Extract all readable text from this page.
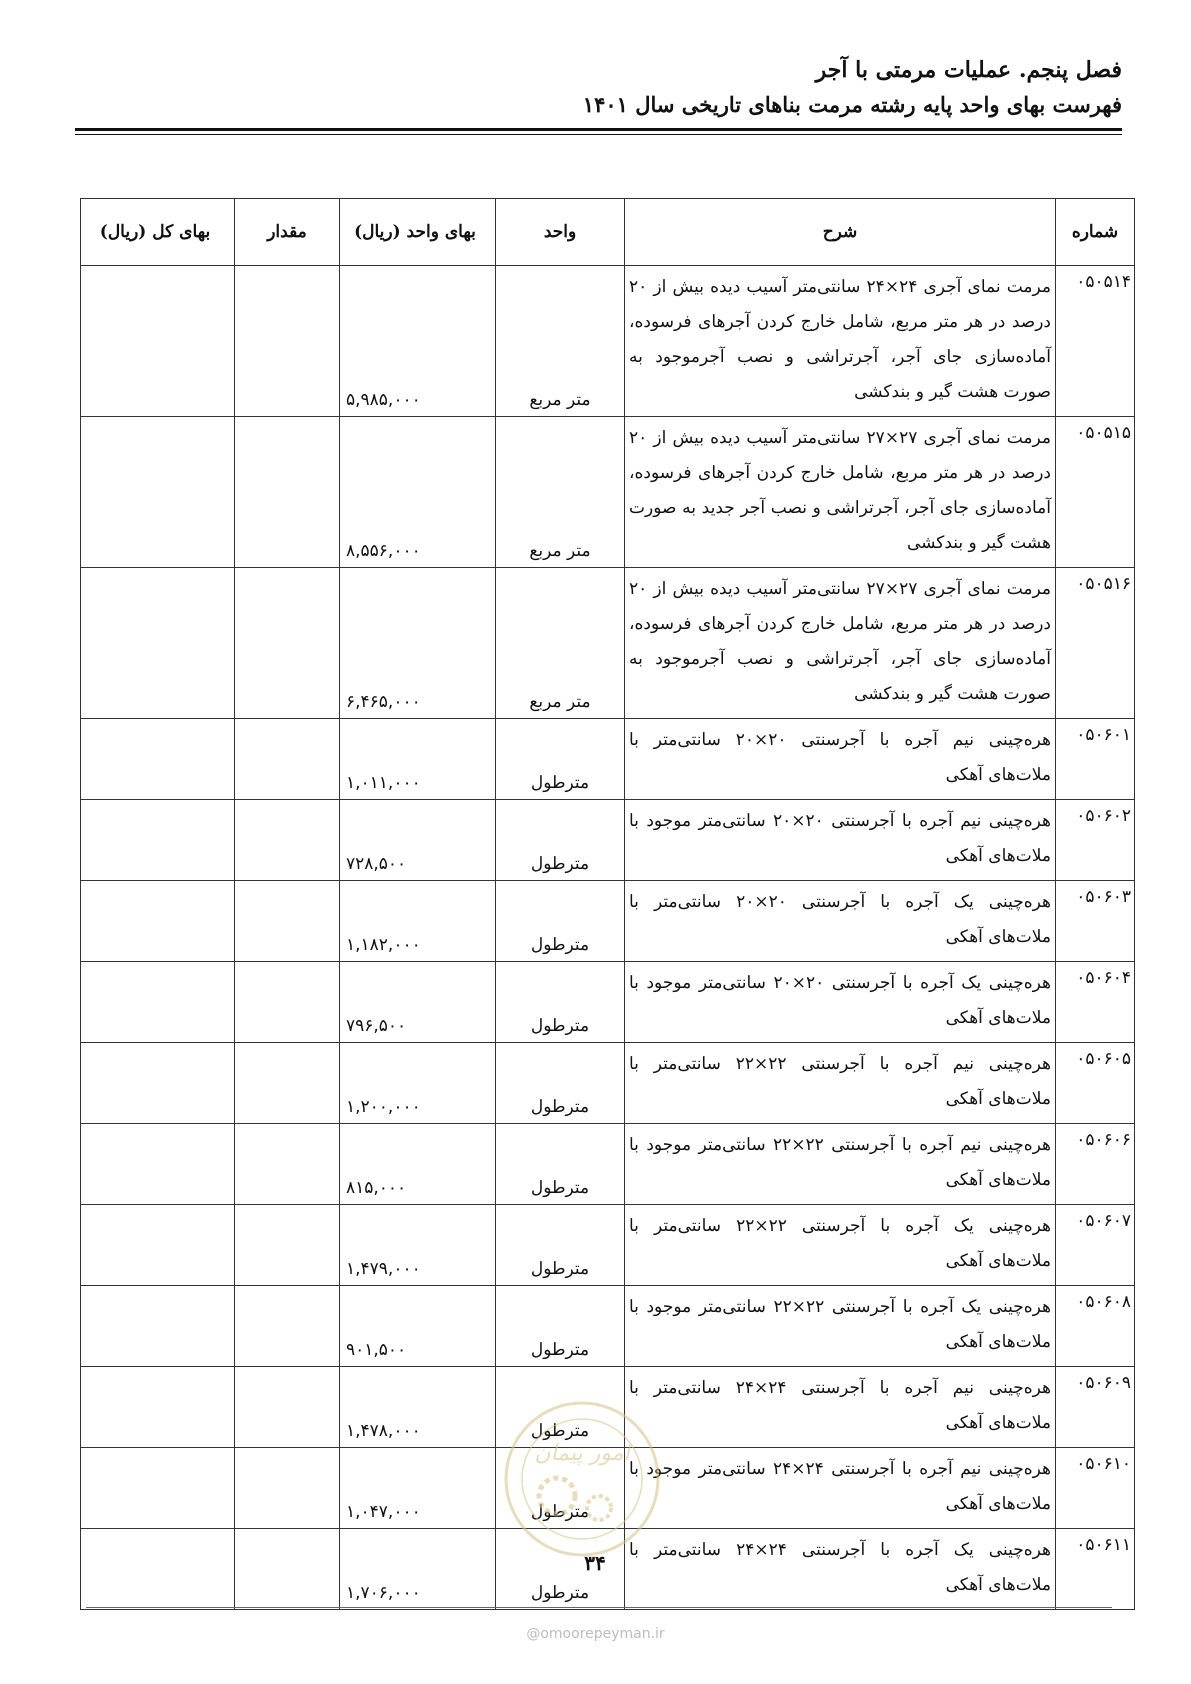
فصل پنجم. عملیات مرمتی با آجر
فهرست بهای واحد پایه رشته مرمت بناهای تاریخی سال ۱۴۰۱
شماره	شرح	واحد	بهای واحد (ریال)	مقدار	بهای کل (ریال)
۰۵۰۵۱۴	مرمت نمای آجری ۲۴×۲۴ سانتی‌متر آسیب دیده بیش از ۲۰ درصد در هر متر مربع، شامل خارج کردن آجرهای فرسوده، آماده‌سازی جای آجر، آجرتراشی و نصب آجرموجود به صورت هشت گیر و بندکشی	متر مربع	۵,۹۸۵,۰۰۰		
۰۵۰۵۱۵	مرمت نمای آجری ۲۷×۲۷ سانتی‌متر آسیب دیده بیش از ۲۰ درصد در هر متر مربع، شامل خارج کردن آجرهای فرسوده، آماده‌سازی جای آجر، آجرتراشی و نصب آجر جدید به صورت هشت گیر و بندکشی	متر مربع	۸,۵۵۶,۰۰۰		
۰۵۰۵۱۶	مرمت نمای آجری ۲۷×۲۷ سانتی‌متر آسیب دیده بیش از ۲۰ درصد در هر متر مربع، شامل خارج کردن آجرهای فرسوده، آماده‌سازی جای آجر، آجرتراشی و نصب آجرموجود به صورت هشت گیر و بندکشی	متر مربع	۶,۴۶۵,۰۰۰		
۰۵۰۶۰۱	هره‌چینی نیم آجره با آجرسنتی ۲۰×۲۰ سانتی‌متر با ملات‌های آهکی	مترطول	۱,۰۱۱,۰۰۰		
۰۵۰۶۰۲	هره‌چینی نیم آجره با آجرسنتی ۲۰×۲۰ سانتی‌متر موجود با ملات‌های آهکی	مترطول	۷۲۸,۵۰۰		
۰۵۰۶۰۳	هره‌چینی یک آجره با آجرسنتی ۲۰×۲۰ سانتی‌متر با ملات‌های آهکی	مترطول	۱,۱۸۲,۰۰۰		
۰۵۰۶۰۴	هره‌چینی یک آجره با آجرسنتی ۲۰×۲۰ سانتی‌متر موجود با ملات‌های آهکی	مترطول	۷۹۶,۵۰۰		
۰۵۰۶۰۵	هره‌چینی نیم آجره با آجرسنتی ۲۲×۲۲ سانتی‌متر با ملات‌های آهکی	مترطول	۱,۲۰۰,۰۰۰		
۰۵۰۶۰۶	هره‌چینی نیم آجره با آجرسنتی ۲۲×۲۲ سانتی‌متر موجود با ملات‌های آهکی	مترطول	۸۱۵,۰۰۰		
۰۵۰۶۰۷	هره‌چینی یک آجره با آجرسنتی ۲۲×۲۲ سانتی‌متر با ملات‌های آهکی	مترطول	۱,۴۷۹,۰۰۰		
۰۵۰۶۰۸	هره‌چینی یک آجره با آجرسنتی ۲۲×۲۲ سانتی‌متر موجود با ملات‌های آهکی	مترطول	۹۰۱,۵۰۰		
۰۵۰۶۰۹	هره‌چینی نیم آجره با آجرسنتی ۲۴×۲۴ سانتی‌متر با ملات‌های آهکی	مترطول	۱,۴۷۸,۰۰۰		
۰۵۰۶۱۰	هره‌چینی نیم آجره با آجرسنتی ۲۴×۲۴ سانتی‌متر موجود با ملات‌های آهکی	مترطول	۱,۰۴۷,۰۰۰		
۰۵۰۶۱۱	هره‌چینی یک آجره با آجرسنتی ۲۴×۲۴ سانتی‌متر با ملات‌های آهکی	مترطول	۱,۷۰۶,۰۰۰		
امور پیمان
۳۴
@omoorepeyman.ir
